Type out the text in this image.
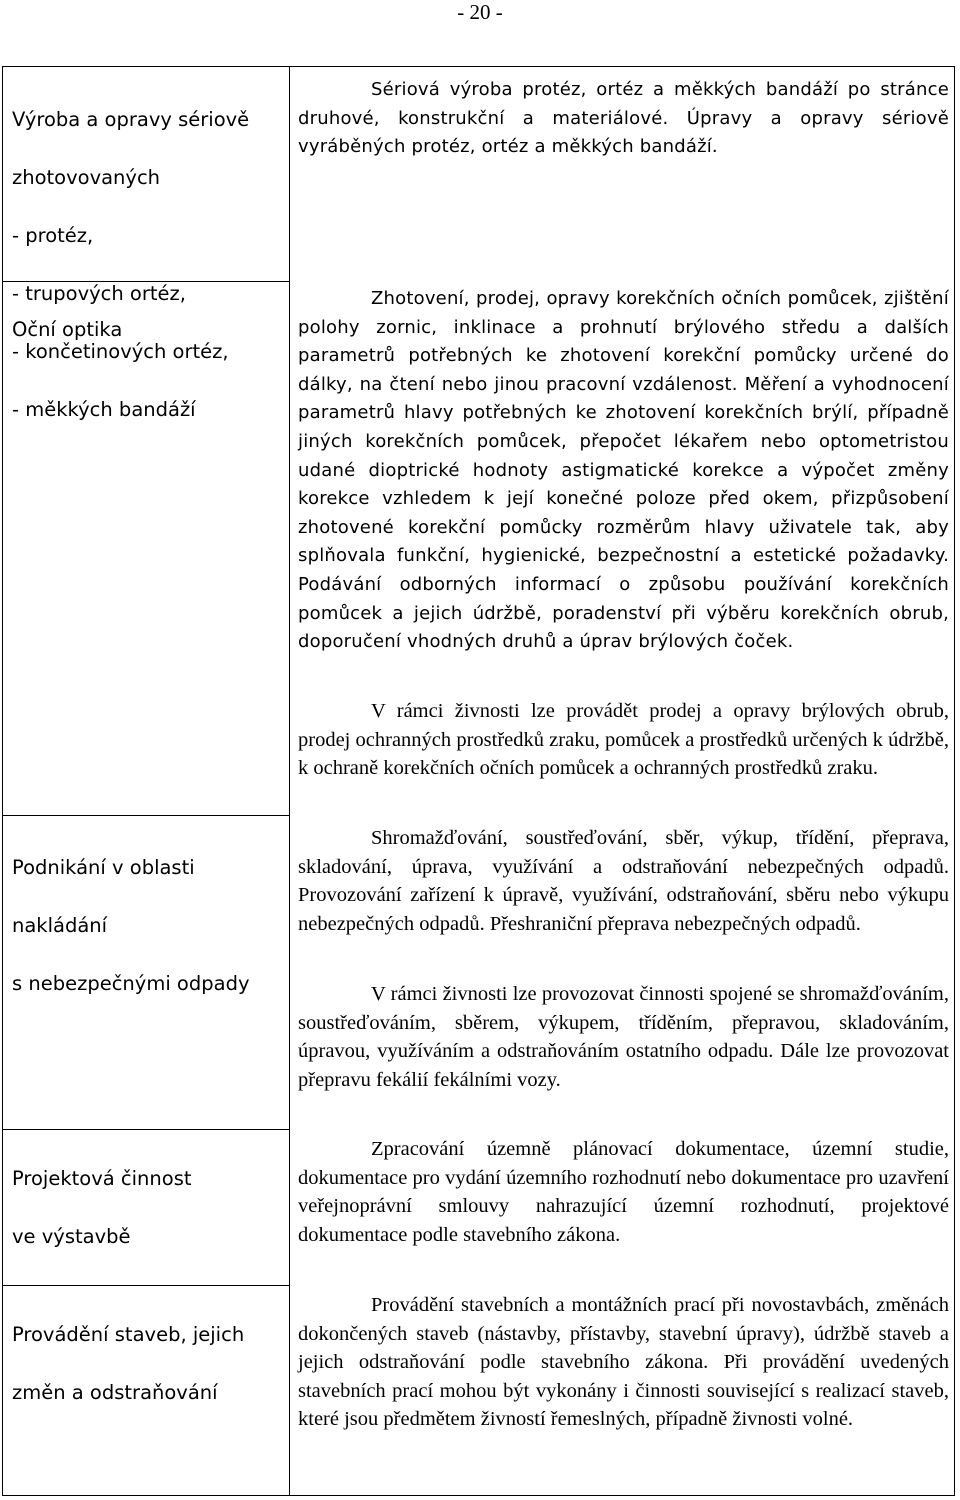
- 20 -

Výroba a opravy sériově

zhotovovaných

- protéz,

- trupových ortéz,

- končetinových ortéz,

- měkkých bandáží

Sériová výroba protéz, ortéz a měkkých bandáží po stránce druhové, konstrukční a materiálové. Úpravy a opravy sériově vyráběných protéz, ortéz a měkkých bandáží.

Oční optika

Zhotovení, prodej, opravy korekčních očních pomůcek, zjištění polohy zornic, inklinace a prohnutí brýlového středu a dalších parametrů potřebných ke zhotovení korekční pomůcky určené do dálky, na čtení nebo jinou pracovní vzdálenost. Měření a vyhodnocení parametrů hlavy potřebných ke zhotovení korekčních brýlí, případně jiných korekčních pomůcek, přepočet lékařem nebo optometristou udané dioptrické hodnoty astigmatické korekce a výpočet změny korekce vzhledem k její konečné poloze před okem, přizpůsobení zhotovené korekční pomůcky rozměrům hlavy uživatele tak, aby splňovala funkční, hygienické, bezpečnostní a estetické požadavky. Podávání odborných informací o způsobu používání korekčních pomůcek a jejich údržbě, poradenství při výběru korekčních obrub, doporučení vhodných druhů a úprav brýlových čoček.
V rámci živnosti lze provádět prodej a opravy brýlových obrub, prodej ochranných prostředků zraku, pomůcek a prostředků určených k údržbě, k ochraně korekčních očních pomůcek a ochranných prostředků zraku.

Podnikání v oblasti

nakládání

s nebezpečnými odpady

Shromažďování, soustřeďování, sběr, výkup, třídění, přeprava, skladování, úprava, využívání a odstraňování nebezpečných odpadů. Provozování zařízení k úpravě, využívání, odstraňování, sběru nebo výkupu nebezpečných odpadů. Přeshraniční přeprava nebezpečných odpadů.
V rámci živnosti lze provozovat činnosti spojené se shromažďováním, soustřeďováním, sběrem, výkupem, tříděním, přepravou, skladováním, úpravou, využíváním a odstraňováním ostatního odpadu. Dále lze provozovat přepravu fekálií fekálními vozy.

Projektová činnost

ve výstavbě

Zpracování územně plánovací dokumentace, územní studie, dokumentace pro vydání územního rozhodnutí nebo dokumentace pro uzavření veřejnoprávní smlouvy nahrazující územní rozhodnutí, projektové dokumentace podle stavebního zákona.

Provádění staveb, jejich

změn a odstraňování

Provádění stavebních a montážních prací při novostavbách, změnách dokončených staveb (nástavby, přístavby, stavební úpravy), údržbě staveb a jejich odstraňování podle stavebního zákona. Při provádění uvedených stavebních prací mohou být vykonány i činnosti související s realizací staveb, které jsou předmětem živností řemeslných, případně živnosti volné.
